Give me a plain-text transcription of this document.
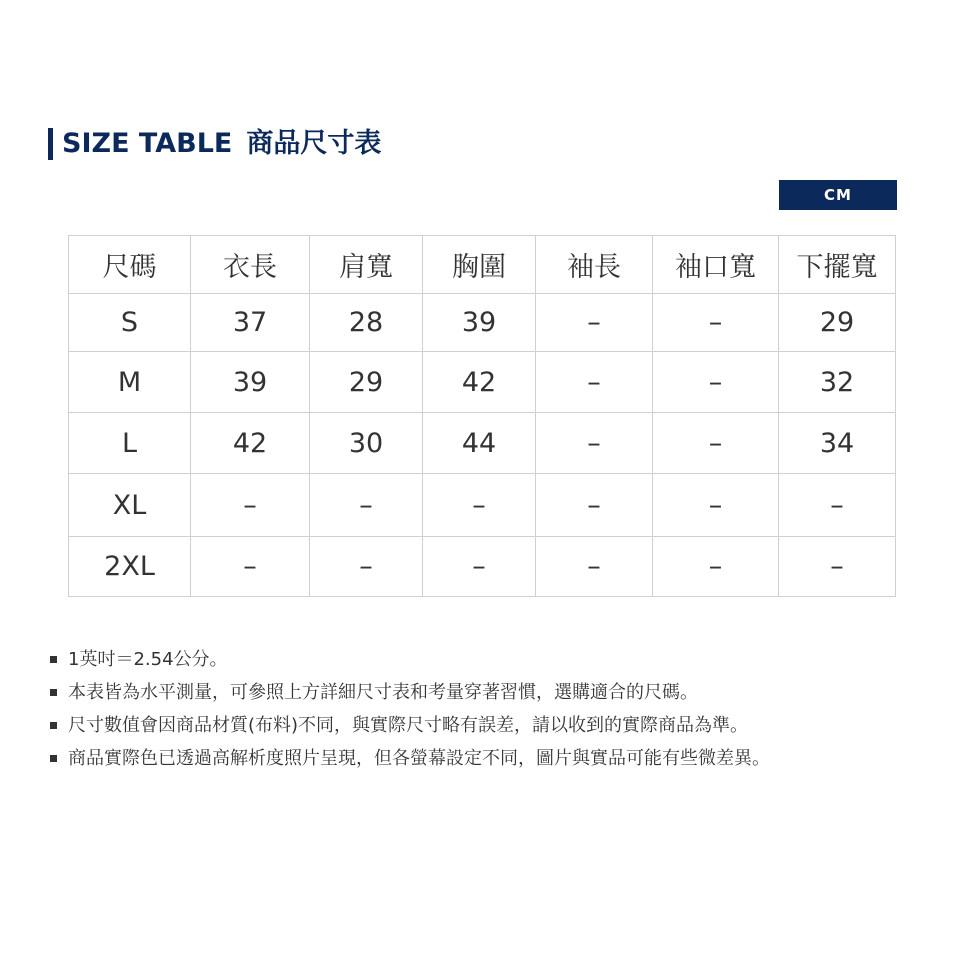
SIZE TABLE 商品尺寸表
CM
尺碼	衣長	肩寬	胸圍	袖長	袖口寬	下擺寬
S	37	28	39	–	–	29
M	39	29	42	–	–	32
L	42	30	44	–	–	34
XL	–	–	–	–	–	–
2XL	–	–	–	–	–	–
1英吋＝2.54公分。
本表皆為水平測量，可參照上方詳細尺寸表和考量穿著習慣，選購適合的尺碼。
尺寸數值會因商品材質(布料)不同，與實際尺寸略有誤差，請以收到的實際商品為準。
商品實際色已透過高解析度照片呈現，但各螢幕設定不同，圖片與實品可能有些微差異。
